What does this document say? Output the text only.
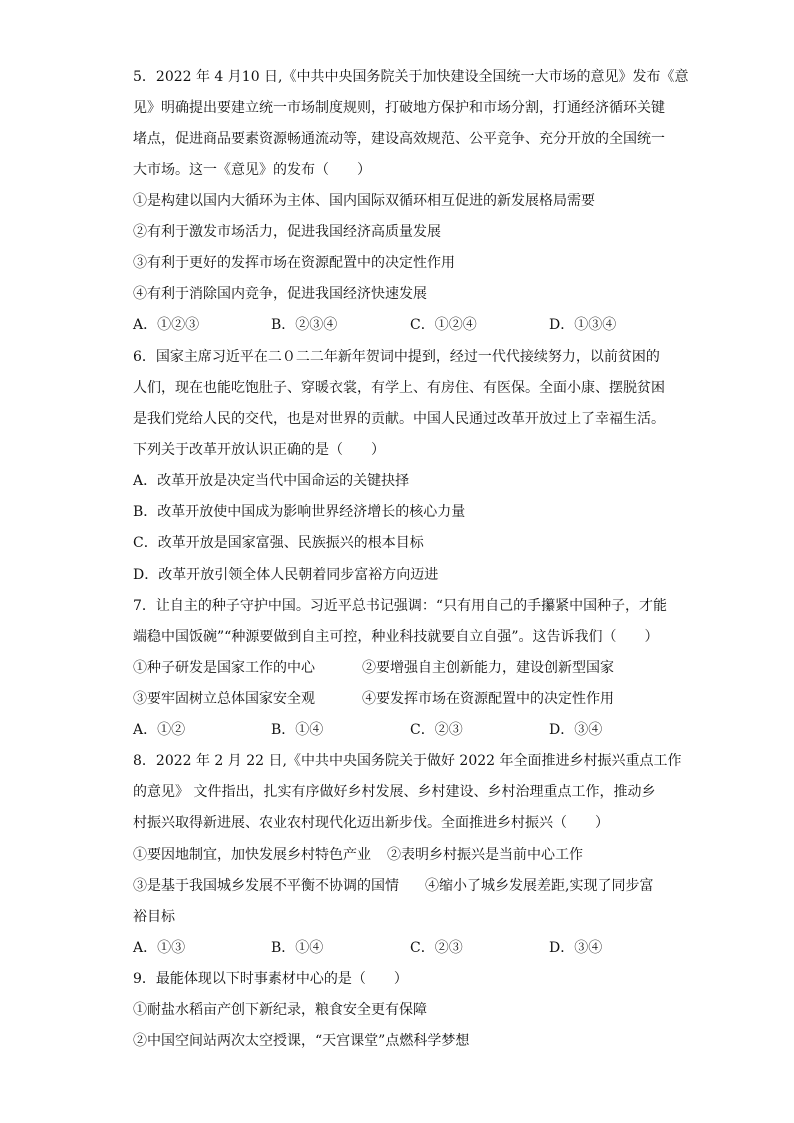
5．2022 年 4 月10 日,《中共中央国务院关于加快建设全国统一大市场的意见》发布《意
见》明确提出要建立统一市场制度规则，打破地方保护和市场分割，打通经济循环关键
堵点，促进商品要素资源畅通流动等，建设高效规范、公平竞争、充分开放的全国统一
大市场。这一《意见》的发布（　　）
①是构建以国内大循环为主体、国内国际双循环相互促进的新发展格局需要
②有利于激发市场活力，促进我国经济高质量发展
③有利于更好的发挥市场在资源配置中的决定性作用
④有利于消除国内竞争，促进我国经济快速发展
A．①②③	B．②③④	C．①②④	D．①③④
6．国家主席习近平在二０二二年新年贺词中提到，经过一代代接续努力，以前贫困的
人们，现在也能吃饱肚子、穿暖衣裳，有学上、有房住、有医保。全面小康、摆脱贫困
是我们党给人民的交代，也是对世界的贡献。中国人民通过改革开放过上了幸福生活。
下列关于改革开放认识正确的是（　　）
A．改革开放是决定当代中国命运的关键抉择
B．改革开放使中国成为影响世界经济增长的核心力量
C．改革开放是国家富强、民族振兴的根本目标
D．改革开放引领全体人民朝着同步富裕方向迈进
7．让自主的种子守护中国。习近平总书记强调：“只有用自己的手攥紧中国种子，才能
端稳中国饭碗”“种源要做到自主可控，种业科技就要自立自强”。这告诉我们（　　）
①种子研发是国家工作的中心	②要增强自主创新能力，建设创新型国家
③要牢固树立总体国家安全观	④要发挥市场在资源配置中的决定性作用
A．①②	B．①④	C．②③	D．③④
8．2022 年 2 月 22 日,《中共中央国务院关于做好 2022 年全面推进乡村振兴重点工作
的意见》 文件指出，扎实有序做好乡村发展、乡村建设、乡村治理重点工作，推动乡
村振兴取得新进展、农业农村现代化迈出新步伐。全面推进乡村振兴（　　）
①要因地制宜，加快发展乡村特色产业 ②表明乡村振兴是当前中心工作
③是基于我国城乡发展不平衡不协调的国情 ④缩小了城乡发展差距,实现了同步富
裕目标
A．①③	B．①④	C．②③	D．③④
9．最能体现以下时事素材中心的是（　　）
①耐盐水稻亩产创下新纪录，粮食安全更有保障
②中国空间站两次太空授课，“天宫课堂”点燃科学梦想
